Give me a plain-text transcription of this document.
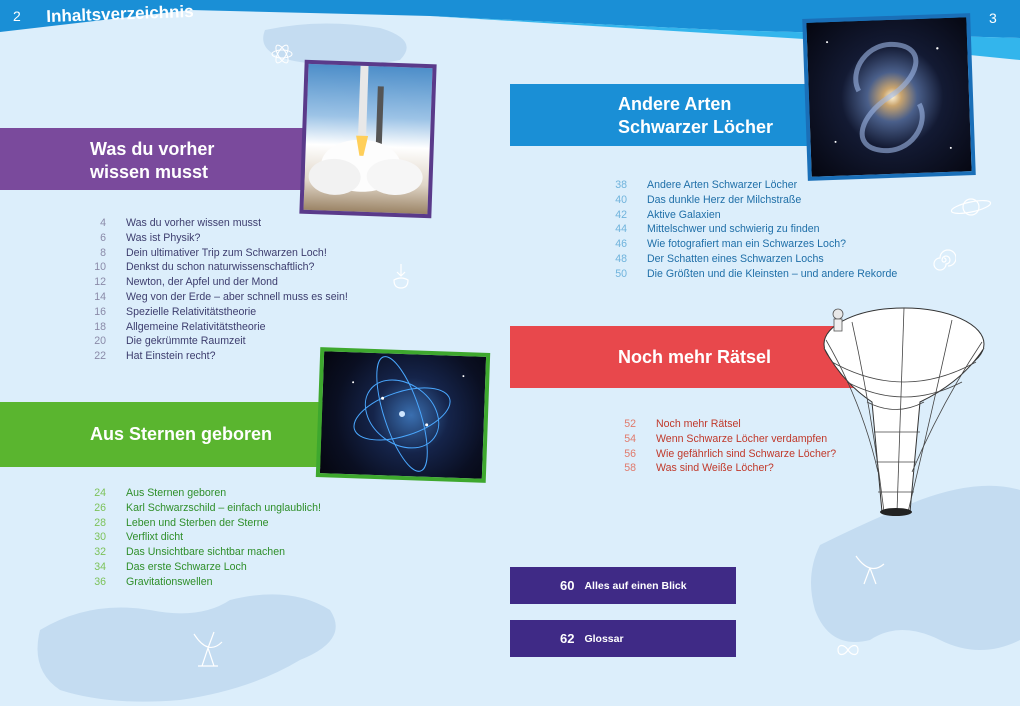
2	3
Inhaltsverzeichnis
Was du vorher
wissen musst
4 Was du vorher wissen musst
6 Was ist Physik?
8 Dein ultimativer Trip zum Schwarzen Loch!
10 Denkst du schon naturwissenschaftlich?
12 Newton, der Apfel und der Mond
14 Weg von der Erde – aber schnell muss es sein!
16 Spezielle Relativitätstheorie
18 Allgemeine Relativitätstheorie
20 Die gekrümmte Raumzeit
22 Hat Einstein recht?
Aus Sternen geboren
24 Aus Sternen geboren
26 Karl Schwarzschild – einfach unglaublich!
28 Leben und Sterben der Sterne
30 Verflixt dicht
32 Das Unsichtbare sichtbar machen
34 Das erste Schwarze Loch
36 Gravitationswellen
Andere Arten
Schwarzer Löcher
38 Andere Arten Schwarzer Löcher
40 Das dunkle Herz der Milchstraße
42 Aktive Galaxien
44 Mittelschwer und schwierig zu finden
46 Wie fotografiert man ein Schwarzes Loch?
48 Der Schatten eines Schwarzen Lochs
50 Die Größten und die Kleinsten – und andere Rekorde
Noch mehr Rätsel
52 Noch mehr Rätsel
54 Wenn Schwarze Löcher verdampfen
56 Wie gefährlich sind Schwarze Löcher?
58 Was sind Weiße Löcher?
60 Alles auf einen Blick
62 Glossar
